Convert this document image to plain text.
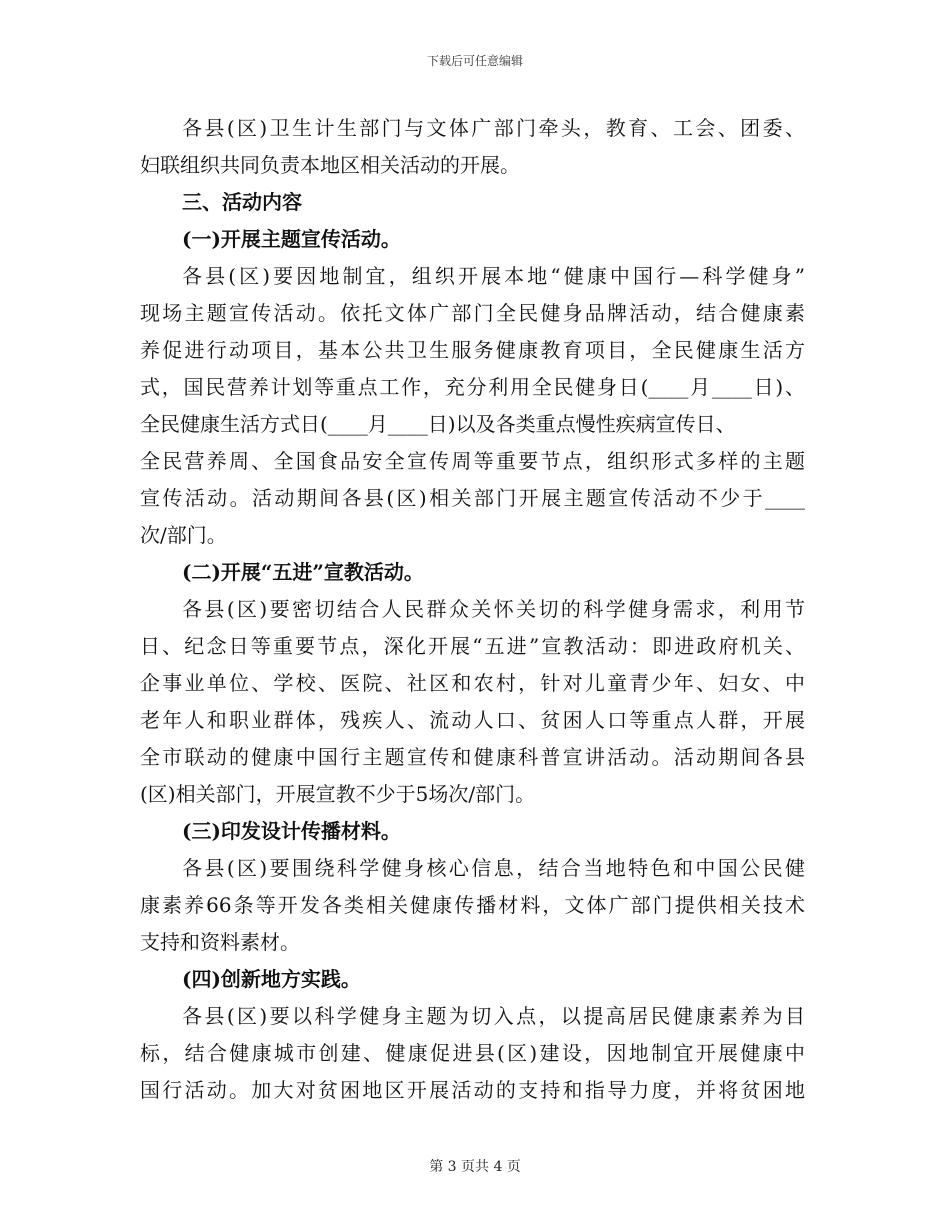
下载后可任意编辑
各县(区)卫生计生部门与文体广部门牵头，教育、工会、团委、
妇联组织共同负责本地区相关活动的开展。
三、活动内容
(一)开展主题宣传活动。
各县(区)要因地制宜，组织开展本地“健康中国行—科学健身”
现场主题宣传活动。依托文体广部门全民健身品牌活动，结合健康素
养促进行动项目，基本公共卫生服务健康教育项目，全民健康生活方
式，国民营养计划等重点工作，充分利用全民健身日(____月____日)、
全民健康生活方式日(____月____日)以及各类重点慢性疾病宣传日、
全民营养周、全国食品安全宣传周等重要节点，组织形式多样的主题
宣传活动。活动期间各县(区)相关部门开展主题宣传活动不少于____
次/部门。
(二)开展“五进”宣教活动。
各县(区)要密切结合人民群众关怀关切的科学健身需求，利用节
日、纪念日等重要节点，深化开展“五进”宣教活动：即进政府机关、
企事业单位、学校、医院、社区和农村，针对儿童青少年、妇女、中
老年人和职业群体，残疾人、流动人口、贫困人口等重点人群，开展
全市联动的健康中国行主题宣传和健康科普宣讲活动。活动期间各县
(区)相关部门，开展宣教不少于5场次/部门。
(三)印发设计传播材料。
各县(区)要围绕科学健身核心信息，结合当地特色和中国公民健
康素养66条等开发各类相关健康传播材料，文体广部门提供相关技术
支持和资料素材。
(四)创新地方实践。
各县(区)要以科学健身主题为切入点，以提高居民健康素养为目
标，结合健康城市创建、健康促进县(区)建设，因地制宜开展健康中
国行活动。加大对贫困地区开展活动的支持和指导力度，并将贫困地
第 3 页共 4 页
